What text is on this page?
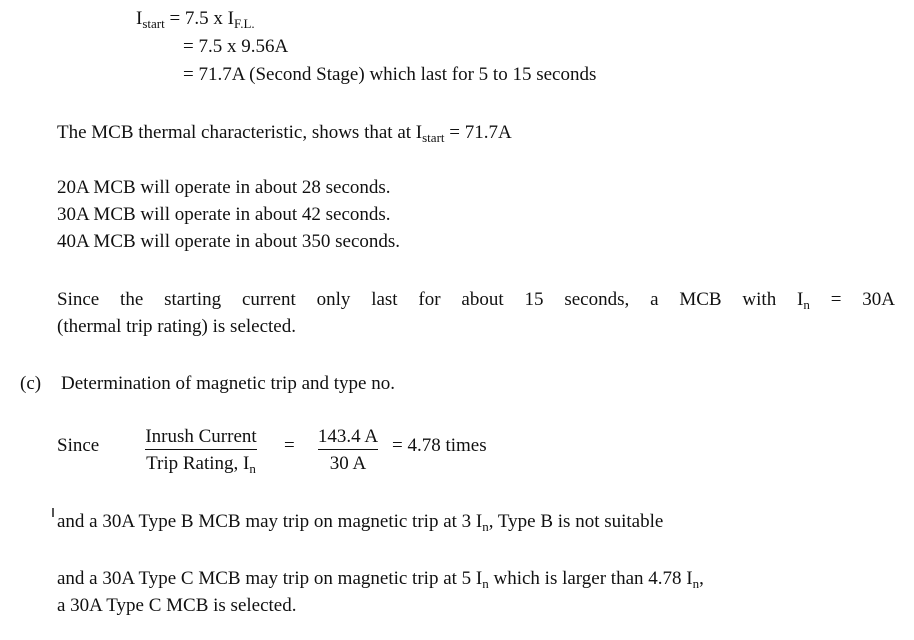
$I_{start} = 7.5$ x $I_{F.L.}$
= 7.5 x 9.56A
= 71.7A (Second Stage) which last for 5 to 15 seconds
The MCB thermal characteristic, shows that at $I_{start} = 71.7A$
20A MCB will operate in about 28 seconds.
30A MCB will operate in about 42 seconds.
40A MCB will operate in about 350 seconds.
Since the starting current only last for about 15 seconds, a MCB with $I_n = 30A$
(thermal trip rating) is selected.
(c) Determination of magnetic trip and type no.
Since	Inrush Current
Trip Rating, $I_n$
=	143.4 A
30 A
= 4.78 times
and a 30A Type B MCB may trip on magnetic trip at 3 $I_n$, Type B is not suitable
and a 30A Type C MCB may trip on magnetic trip at 5 $I_n$ which is larger than 4.78 $I_n$,
a 30A Type C MCB is selected.
